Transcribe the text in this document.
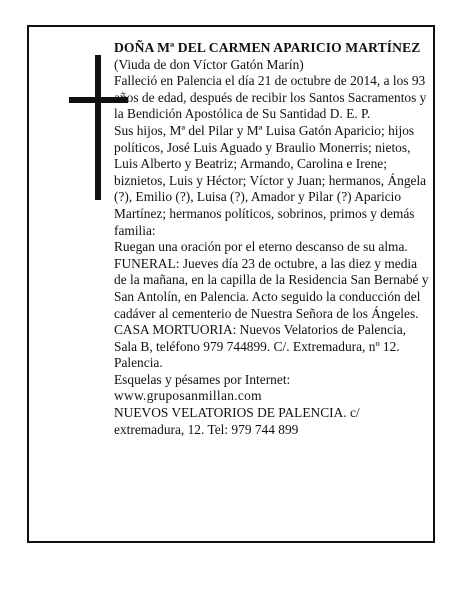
DOÑA Mª DEL CARMEN APARICIO MARTÍNEZ

(Viuda de don Víctor Gatón Marín)

Falleció en Palencia el día 21 de octubre de 2014, a los 93 años de edad, después de recibir los Santos Sacramentos y la Bendición Apostólica de Su Santidad D. E. P.

Sus hijos, Mª del Pilar y Mª Luisa Gatón Aparicio; hijos políticos, José Luis Aguado y Braulio Monerris; nietos, Luis Alberto y Beatriz; Armando, Carolina e Irene; biznietos, Luis y Héctor; Víctor y Juan; hermanos, Ángela (?), Emilio (?), Luisa (?), Amador y Pilar (?) Aparicio Martínez; hermanos políticos, sobrinos, primos y demás familia:

Ruegan una oración por el eterno descanso de su alma.

FUNERAL: Jueves día 23 de octubre, a las diez y media de la mañana, en la capilla de la Residencia San Bernabé y San Antolín, en Palencia. Acto seguido la conducción del cadáver al cementerio de Nuestra Señora de los Ángeles.

CASA MORTUORIA: Nuevos Velatorios de Palencia, Sala B, teléfono 979 744899. C/. Extremadura, nº 12. Palencia.

Esquelas y pésames por Internet:

www.gruposanmillan.com

NUEVOS VELATORIOS DE PALENCIA. c/ extremadura, 12. Tel: 979 744 899
